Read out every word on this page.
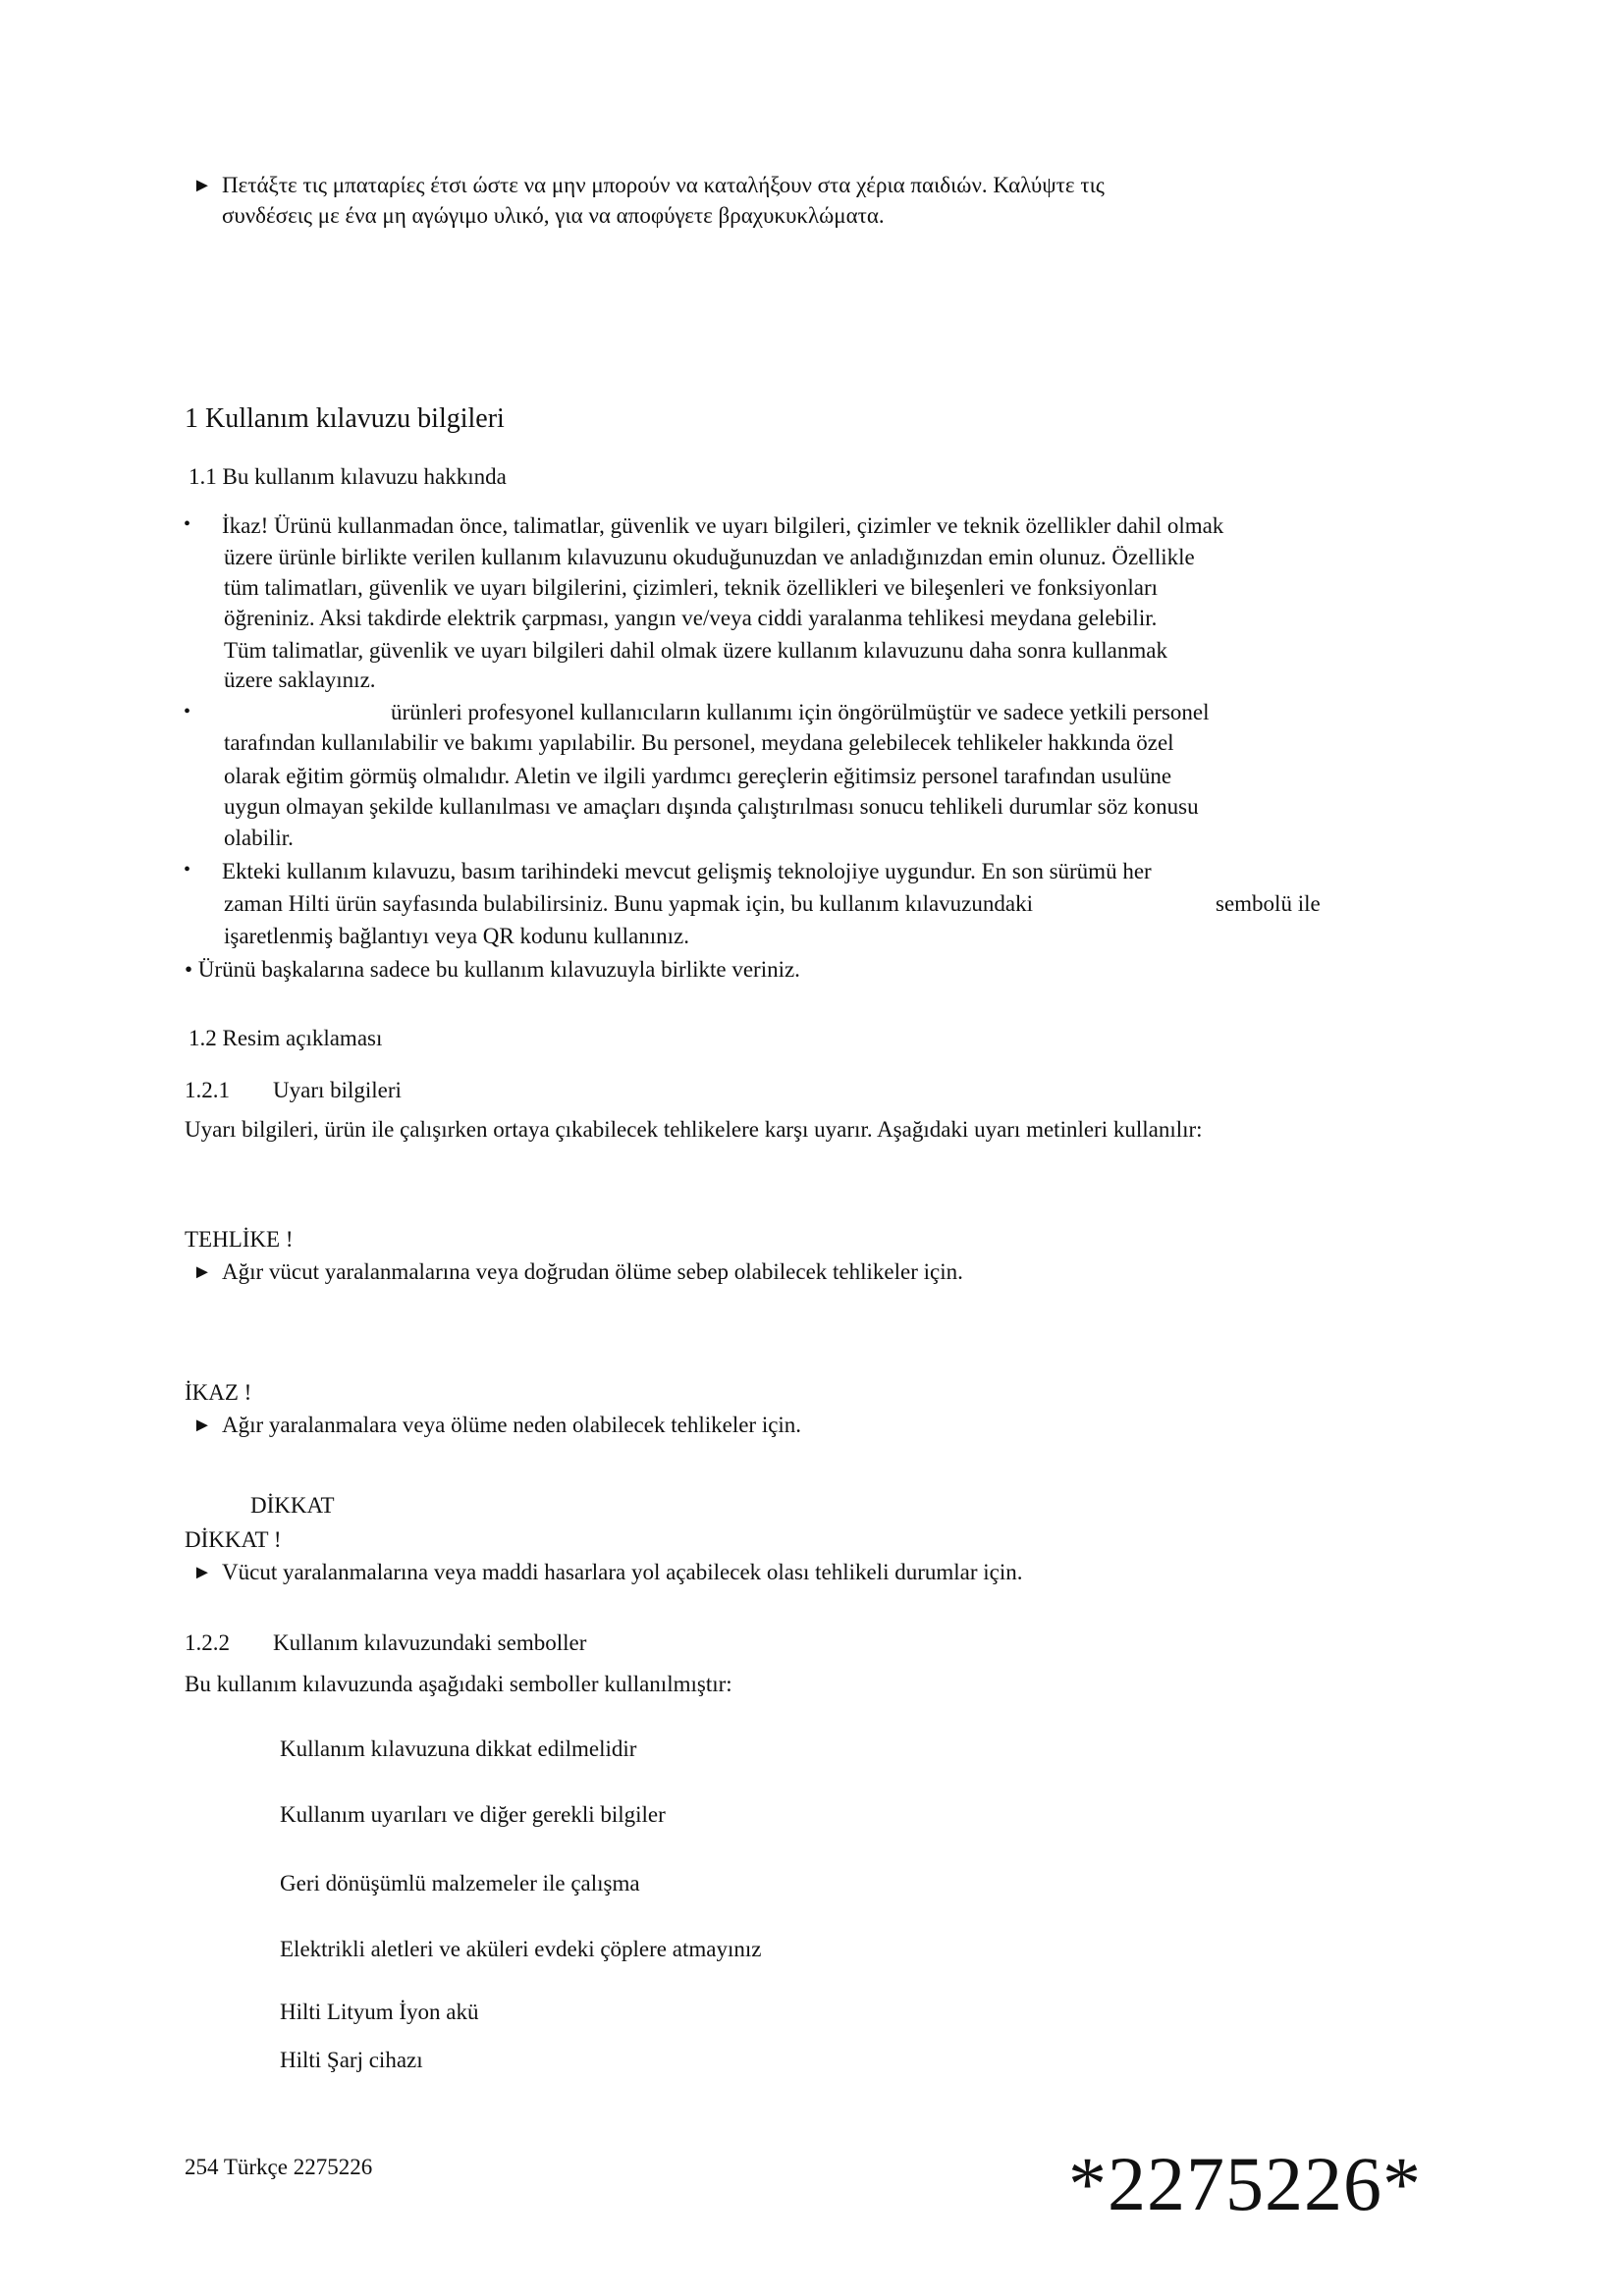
► Πετάξτε τις μπαταρίες έτσι ώστε να μην μπορούν να καταλήξουν στα χέρια παιδιών. Καλύψτε τις
συνδέσεις με ένα μη αγώγιμο υλικό, για να αποφύγετε βραχυκυκλώματα.
1 Kullanım kılavuzu bilgileri
1.1 Bu kullanım kılavuzu hakkında
• İkaz! Ürünü kullanmadan önce, talimatlar, güvenlik ve uyarı bilgileri, çizimler ve teknik özellikler dahil olmak
üzere ürünle birlikte verilen kullanım kılavuzunu okuduğunuzdan ve anladığınızdan emin olunuz. Özellikle
tüm talimatları, güvenlik ve uyarı bilgilerini, çizimleri, teknik özellikleri ve bileşenleri ve fonksiyonları
öğreniniz. Aksi takdirde elektrik çarpması, yangın ve/veya ciddi yaralanma tehlikesi meydana gelebilir.
Tüm talimatlar, güvenlik ve uyarı bilgileri dahil olmak üzere kullanım kılavuzunu daha sonra kullanmak
üzere saklayınız.
•	ürünleri profesyonel kullanıcıların kullanımı için öngörülmüştür ve sadece yetkili personel
tarafından kullanılabilir ve bakımı yapılabilir. Bu personel, meydana gelebilecek tehlikeler hakkında özel
olarak eğitim görmüş olmalıdır. Aletin ve ilgili yardımcı gereçlerin eğitimsiz personel tarafından usulüne
uygun olmayan şekilde kullanılması ve amaçları dışında çalıştırılması sonucu tehlikeli durumlar söz konusu
olabilir.
• Ekteki kullanım kılavuzu, basım tarihindeki mevcut gelişmiş teknolojiye uygundur. En son sürümü her
zaman Hilti ürün sayfasında bulabilirsiniz. Bunu yapmak için, bu kullanım kılavuzundaki	sembolü ile
işaretlenmiş bağlantıyı veya QR kodunu kullanınız.
• Ürünü başkalarına sadece bu kullanım kılavuzuyla birlikte veriniz.
1.2 Resim açıklaması
1.2.1 Uyarı bilgileri
Uyarı bilgileri, ürün ile çalışırken ortaya çıkabilecek tehlikelere karşı uyarır. Aşağıdaki uyarı metinleri kullanılır:
TEHLİKE !
► Ağır vücut yaralanmalarına veya doğrudan ölüme sebep olabilecek tehlikeler için.
İKAZ !
► Ağır yaralanmalara veya ölüme neden olabilecek tehlikeler için.
DİKKAT
DİKKAT !
► Vücut yaralanmalarına veya maddi hasarlara yol açabilecek olası tehlikeli durumlar için.
1.2.2 Kullanım kılavuzundaki semboller
Bu kullanım kılavuzunda aşağıdaki semboller kullanılmıştır:
Kullanım kılavuzuna dikkat edilmelidir
Kullanım uyarıları ve diğer gerekli bilgiler
Geri dönüşümlü malzemeler ile çalışma
Elektrikli aletleri ve aküleri evdeki çöplere atmayınız
Hilti Lityum İyon akü
Hilti Şarj cihazı
254 Türkçe 2275226	*2275226*
